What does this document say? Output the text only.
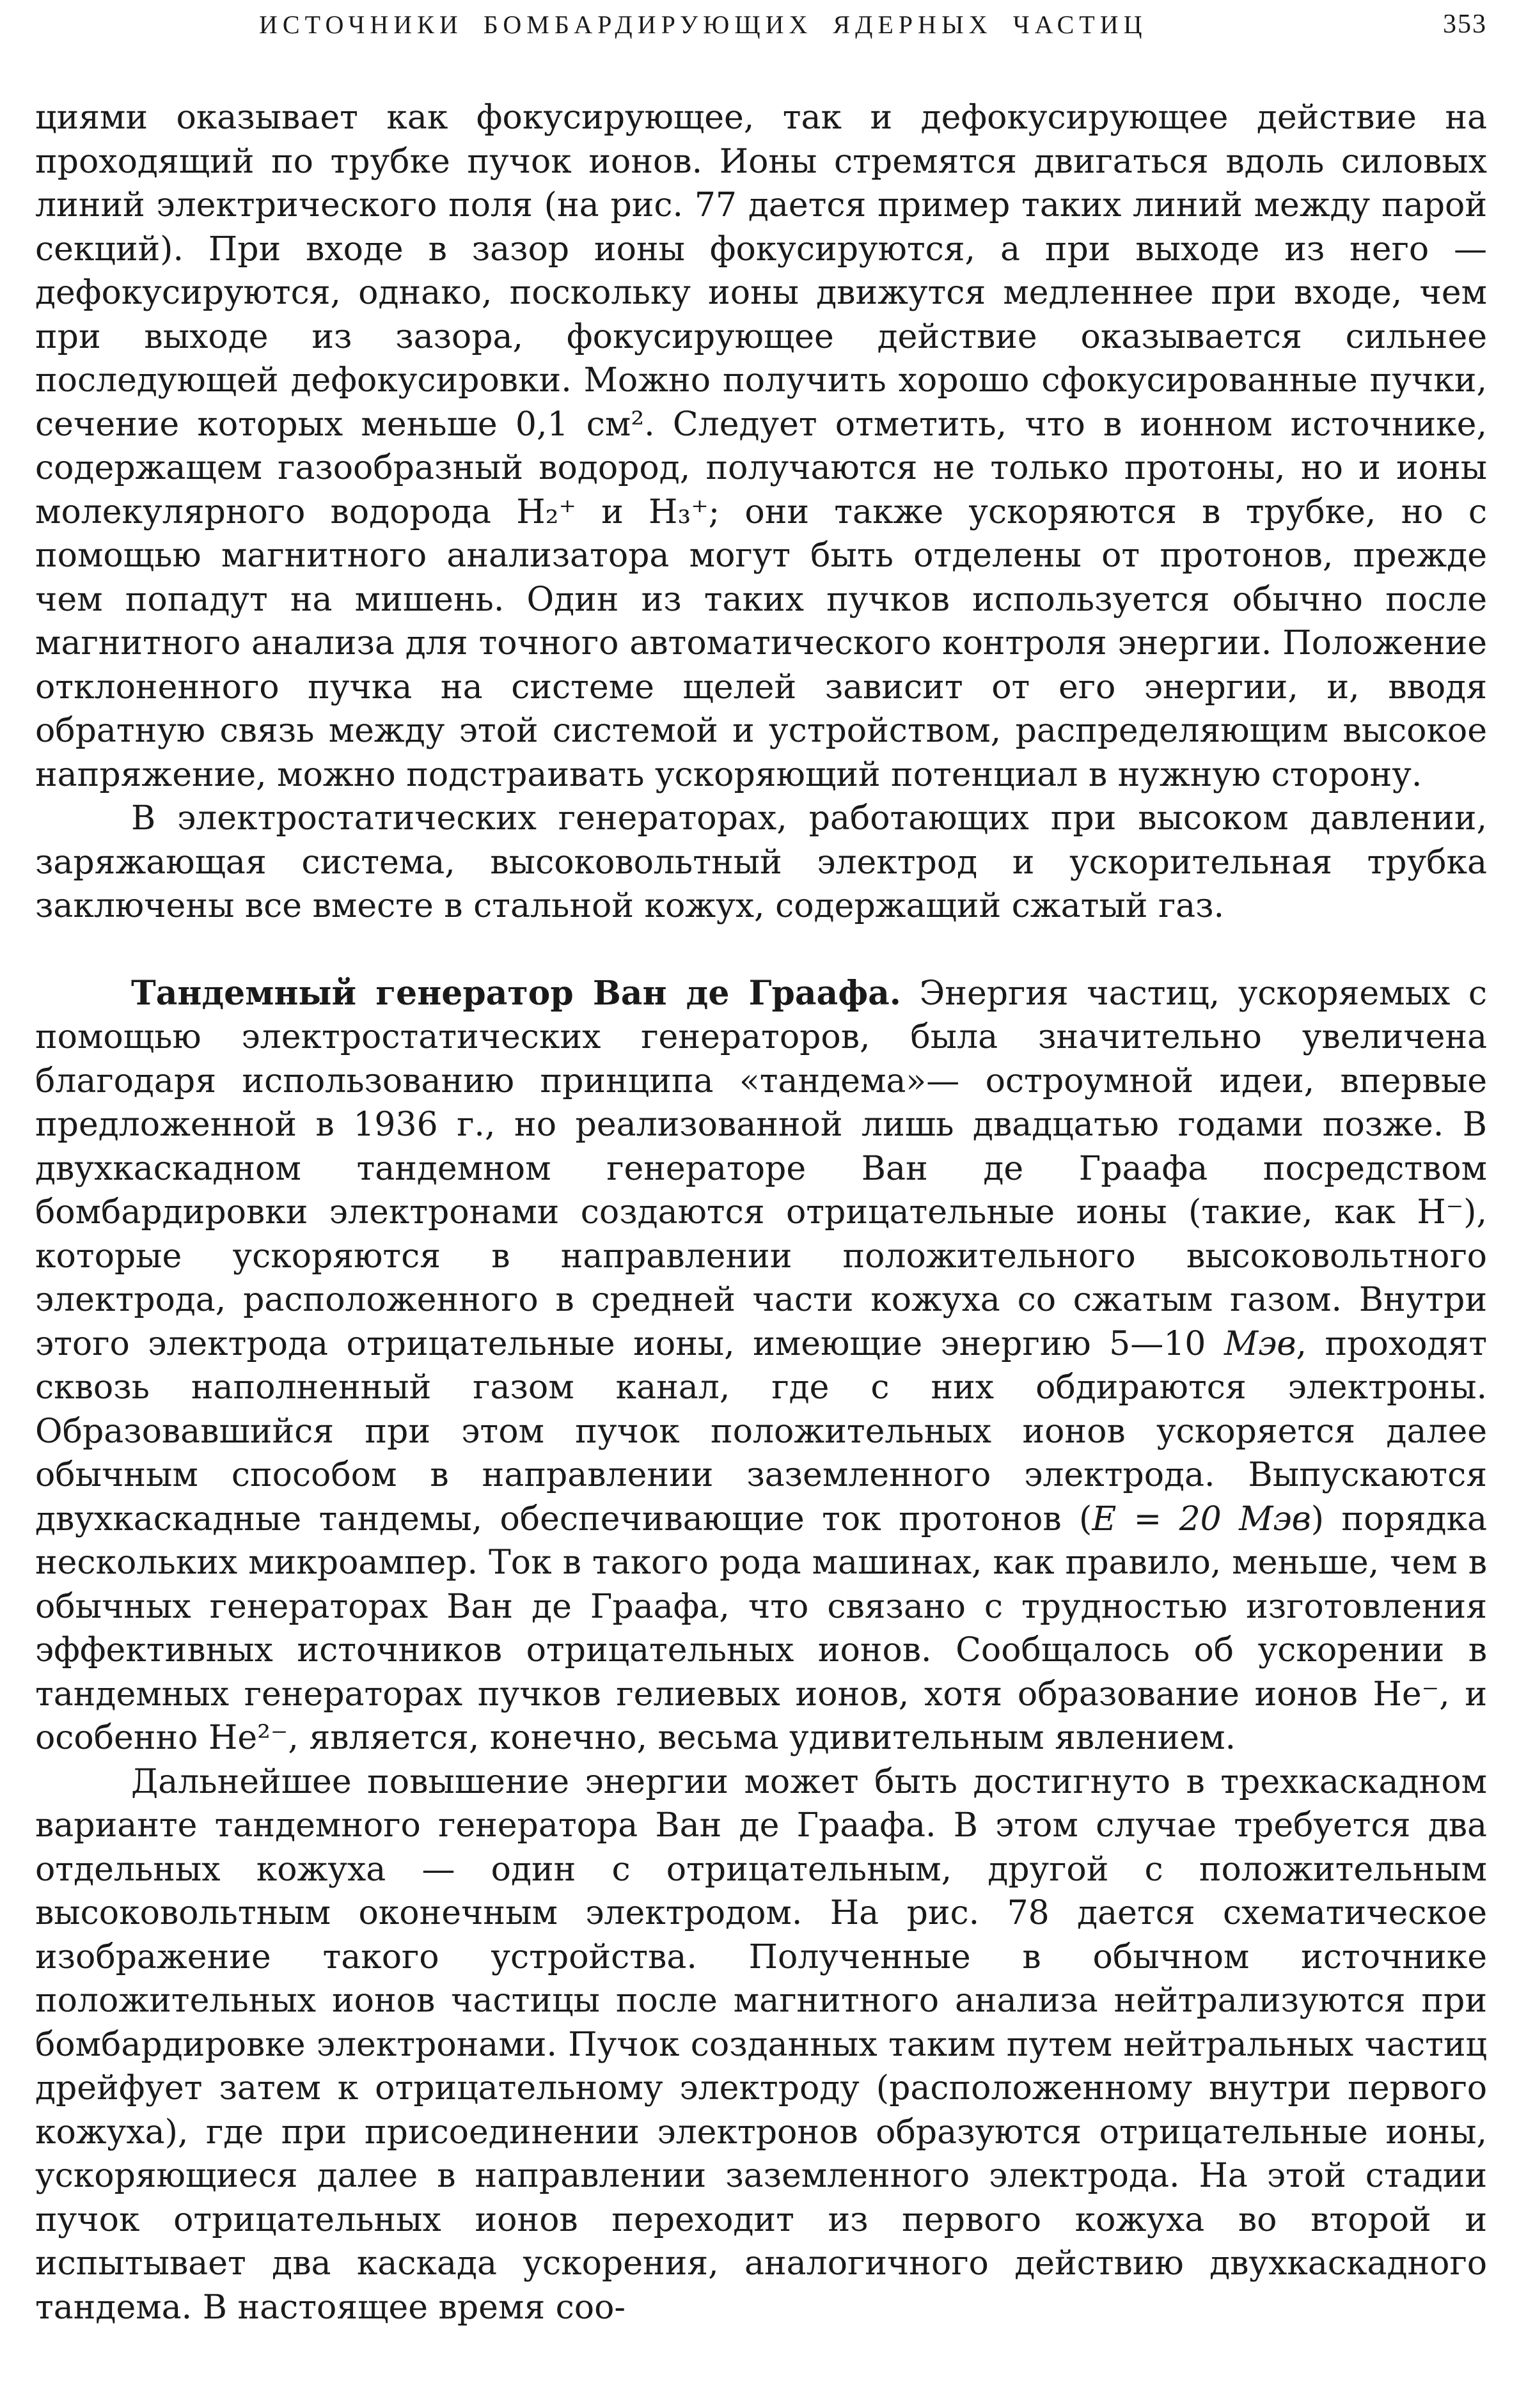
ИСТОЧНИКИ БОМБАРДИРУЮЩИХ ЯДЕРНЫХ ЧАСТИЦ	353

циями оказывает как фокусирующее, так и дефокусирующее действие на проходящий по трубке пучок ионов. Ионы стремятся двигаться вдоль силовых линий электрического поля (на рис. 77 дается пример таких линий между парой секций). При входе в зазор ионы фокусируются, а при выходе из него — дефокусируются, однако, поскольку ионы движутся медленнее при входе, чем при выходе из зазора, фокусирующее действие оказывается сильнее последующей дефокусировки. Можно получить хорошо сфокусированные пучки, сечение которых меньше 0,1 см². Следует отметить, что в ионном источнике, содержащем газообразный водород, получаются не только протоны, но и ионы молекулярного водорода H₂⁺ и H₃⁺; они также ускоряются в трубке, но с помощью магнитного анализатора могут быть отделены от протонов, прежде чем попадут на мишень. Один из таких пучков используется обычно после магнитного анализа для точного автоматического контроля энергии. Положение отклоненного пучка на системе щелей зависит от его энергии, и, вводя обратную связь между этой системой и устройством, распределяющим высокое напряжение, можно подстраивать ускоряющий потенциал в нужную сторону.

В электростатических генераторах, работающих при высоком давлении, заряжающая система, высоковольтный электрод и ускорительная трубка заключены все вместе в стальной кожух, содержащий сжатый газ.

Тандемный генератор Ван де Граафа. Энергия частиц, ускоряемых с помощью электростатических генераторов, была значительно увеличена благодаря использованию принципа «тандема»— остроумной идеи, впервые предложенной в 1936 г., но реализованной лишь двадцатью годами позже. В двухкаскадном тандемном генераторе Ван де Граафа посредством бомбардировки электронами создаются отрицательные ионы (такие, как H⁻), которые ускоряются в направлении положительного высоковольтного электрода, расположенного в средней части кожуха со сжатым газом. Внутри этого электрода отрицательные ионы, имеющие энергию 5—10 Мэв, проходят сквозь наполненный газом канал, где с них обдираются электроны. Образовавшийся при этом пучок положительных ионов ускоряется далее обычным способом в направлении заземленного электрода. Выпускаются двухкаскадные тандемы, обеспечивающие ток протонов (E = 20 Мэв) порядка нескольких микроампер. Ток в такого рода машинах, как правило, меньше, чем в обычных генераторах Ван де Граафа, что связано с трудностью изготовления эффективных источников отрицательных ионов. Сообщалось об ускорении в тандемных генераторах пучков гелиевых ионов, хотя образование ионов He⁻, и особенно He²⁻, является, конечно, весьма удивительным явлением.

Дальнейшее повышение энергии может быть достигнуто в трехкаскадном варианте тандемного генератора Ван де Граафа. В этом случае требуется два отдельных кожуха — один с отрицательным, другой с положительным высоковольтным оконечным электродом. На рис. 78 дается схематическое изображение такого устройства. Полученные в обычном источнике положительных ионов частицы после магнитного анализа нейтрализуются при бомбардировке электронами. Пучок созданных таким путем нейтральных частиц дрейфует затем к отрицательному электроду (расположенному внутри первого кожуха), где при присоединении электронов образуются отрицательные ионы, ускоряющиеся далее в направлении заземленного электрода. На этой стадии пучок отрицательных ионов переходит из первого кожуха во второй и испытывает два каскада ускорения, аналогичного действию двухкаскадного тандема. В настоящее время соо-
